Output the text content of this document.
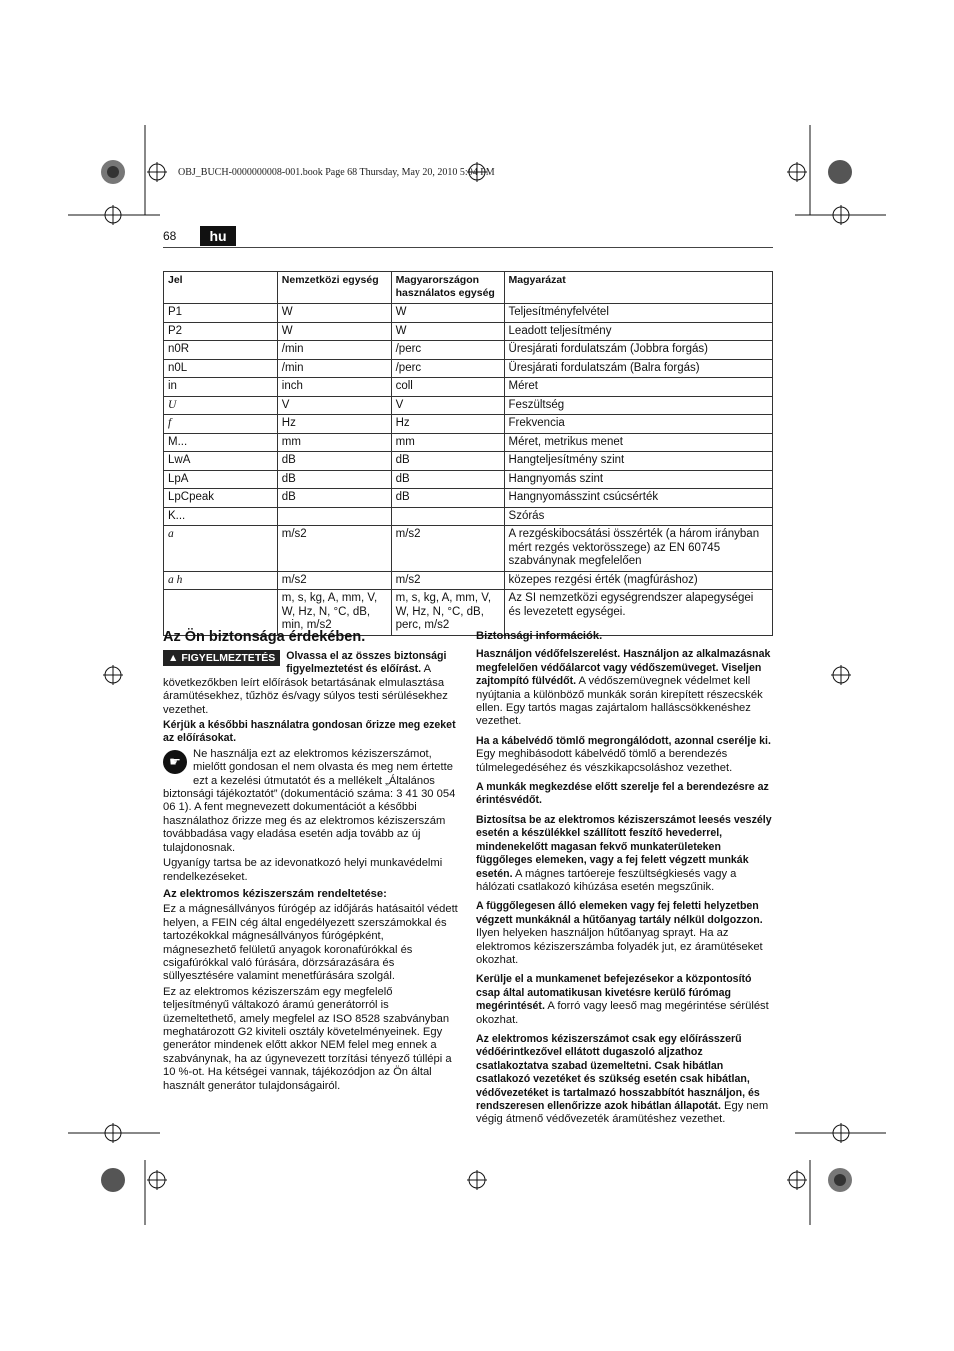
OBJ_BUCH-0000000008-001.book Page 68 Thursday, May 20, 2010 5:04 PM
68	hu
Jel	Nemzetközi egység	Magyarországon használatos egység	Magyarázat
P1	W	W	Teljesítményfelvétel
P2	W	W	Leadott teljesítmény
n0R	/min	/perc	Üresjárati fordulatszám (Jobbra forgás)
n0L	/min	/perc	Üresjárati fordulatszám (Balra forgás)
in	inch	coll	Méret
U	V	V	Feszültség
f	Hz	Hz	Frekvencia
M...	mm	mm	Méret, metrikus menet
LwA	dB	dB	Hangteljesítmény szint
LpA	dB	dB	Hangnyomás szint
LpCpeak	dB	dB	Hangnyomásszint csúcsérték
K...			Szórás
a	m/s2	m/s2	A rezgéskibocsátási összérték (a három irányban mért rezgés vektorösszege) az EN 60745 szabványnak megfelelően
a h	m/s2	m/s2	közepes rezgési érték (magfúráshoz)
	m, s, kg, A, mm, V, W, Hz, N, °C, dB, min, m/s2	m, s, kg, A, mm, V, W, Hz, N, °C, dB, perc, m/s2	Az SI nemzetközi egységrendszer alapegységei és levezetett egységei.
Az Ön biztonsága érdekében.

▲ FIGYELMEZTETÉS	Olvassa el az összes biztonsági figyelmeztetést és előírást. A következőkben leírt előírások betartásának elmulasztása áramütésekhez, tűzhöz és/vagy súlyos testi sérülésekhez vezethet.

Kérjük a későbbi használatra gondosan őrizze meg ezeket az előírásokat.

☛	Ne használja ezt az elektromos kéziszerszámot, mielőtt gondosan el nem olvasta és meg nem értette ezt a kezelési útmutatót és a mellékelt „Általános biztonsági tájékoztatót” (dokumentáció száma: 3 41 30 054 06 1). A fent megnevezett dokumentációt a későbbi használathoz őrizze meg és az elektromos kéziszerszám továbbadása vagy eladása esetén adja tovább az új tulajdonosnak.

Ugyanígy tartsa be az idevonatkozó helyi munkavédelmi rendelkezéseket.

Az elektromos kéziszerszám rendeltetése:

Ez a mágnesállványos fúrógép az időjárás hatásaitól védett helyen, a FEIN cég által engedélyezett szerszámokkal és tartozékokkal mágnesállványos fúrógépként, mágnesezhető felületű anyagok koronafúrókkal és csigafúrókkal való fúrására, dörzsárazására és süllyesztésére valamint menetfúrására szolgál.

Ez az elektromos kéziszerszám egy megfelelő teljesítményű váltakozó áramú generátorról is üzemeltethető, amely megfelel az ISO 8528 szabványban meghatározott G2 kiviteli osztály követelményeinek. Egy generátor mindenek előtt akkor NEM felel meg ennek a szabványnak, ha az úgynevezett torzítási tényező túllépi a 10 %-ot. Ha kétségei vannak, tájékozódjon az Ön által használt generátor tulajdonságairól.

Biztonsági információk.

Használjon védőfelszerelést. Használjon az alkalmazásnak megfelelően védőálarcot vagy védőszemüveget. Viseljen zajtompító fülvédőt. A védőszemüvegnek védelmet kell nyújtania a különböző munkák során kirepített részecskék ellen. Egy tartós magas zajártalom halláscsökkenéshez vezethet.

Ha a kábelvédő tömlő megrongálódott, azonnal cserélje ki. Egy meghibásodott kábelvédő tömlő a berendezés túlmelegedéséhez és vészkikapcsoláshoz vezethet.

A munkák megkezdése előtt szerelje fel a berendezésre az érintésvédőt.

Biztosítsa be az elektromos kéziszerszámot leesés veszély esetén a készülékkel szállított feszítő hevederrel, mindenekelőtt magasan fekvő munkaterületeken függőleges elemeken, vagy a fej felett végzett munkák esetén. A mágnes tartóereje feszültségkiesés vagy a hálózati csatlakozó kihúzása esetén megszűnik.

A függőlegesen álló elemeken vagy fej feletti helyzetben végzett munkáknál a hűtőanyag tartály nélkül dolgozzon. Ilyen helyeken használjon hűtőanyag sprayt. Ha az elektromos kéziszerszámba folyadék jut, ez áramütéseket okozhat.

Kerülje el a munkamenet befejezésekor a központosító csap által automatikusan kivetésre kerülő fúrómag megérintését. A forró vagy leeső mag megérintése sérülést okozhat.

Az elektromos kéziszerszámot csak egy előírásszerű védőérintkezővel ellátott dugaszoló aljzathoz csatlakoztatva szabad üzemeltetni. Csak hibátlan csatlakozó vezetéket és szükség esetén csak hibátlan, védővezetéket is tartalmazó hosszabbítót használjon, és rendszeresen ellenőrizze azok hibátlan állapotát. Egy nem végig átmenő védővezeték áramütéshez vezethet.
